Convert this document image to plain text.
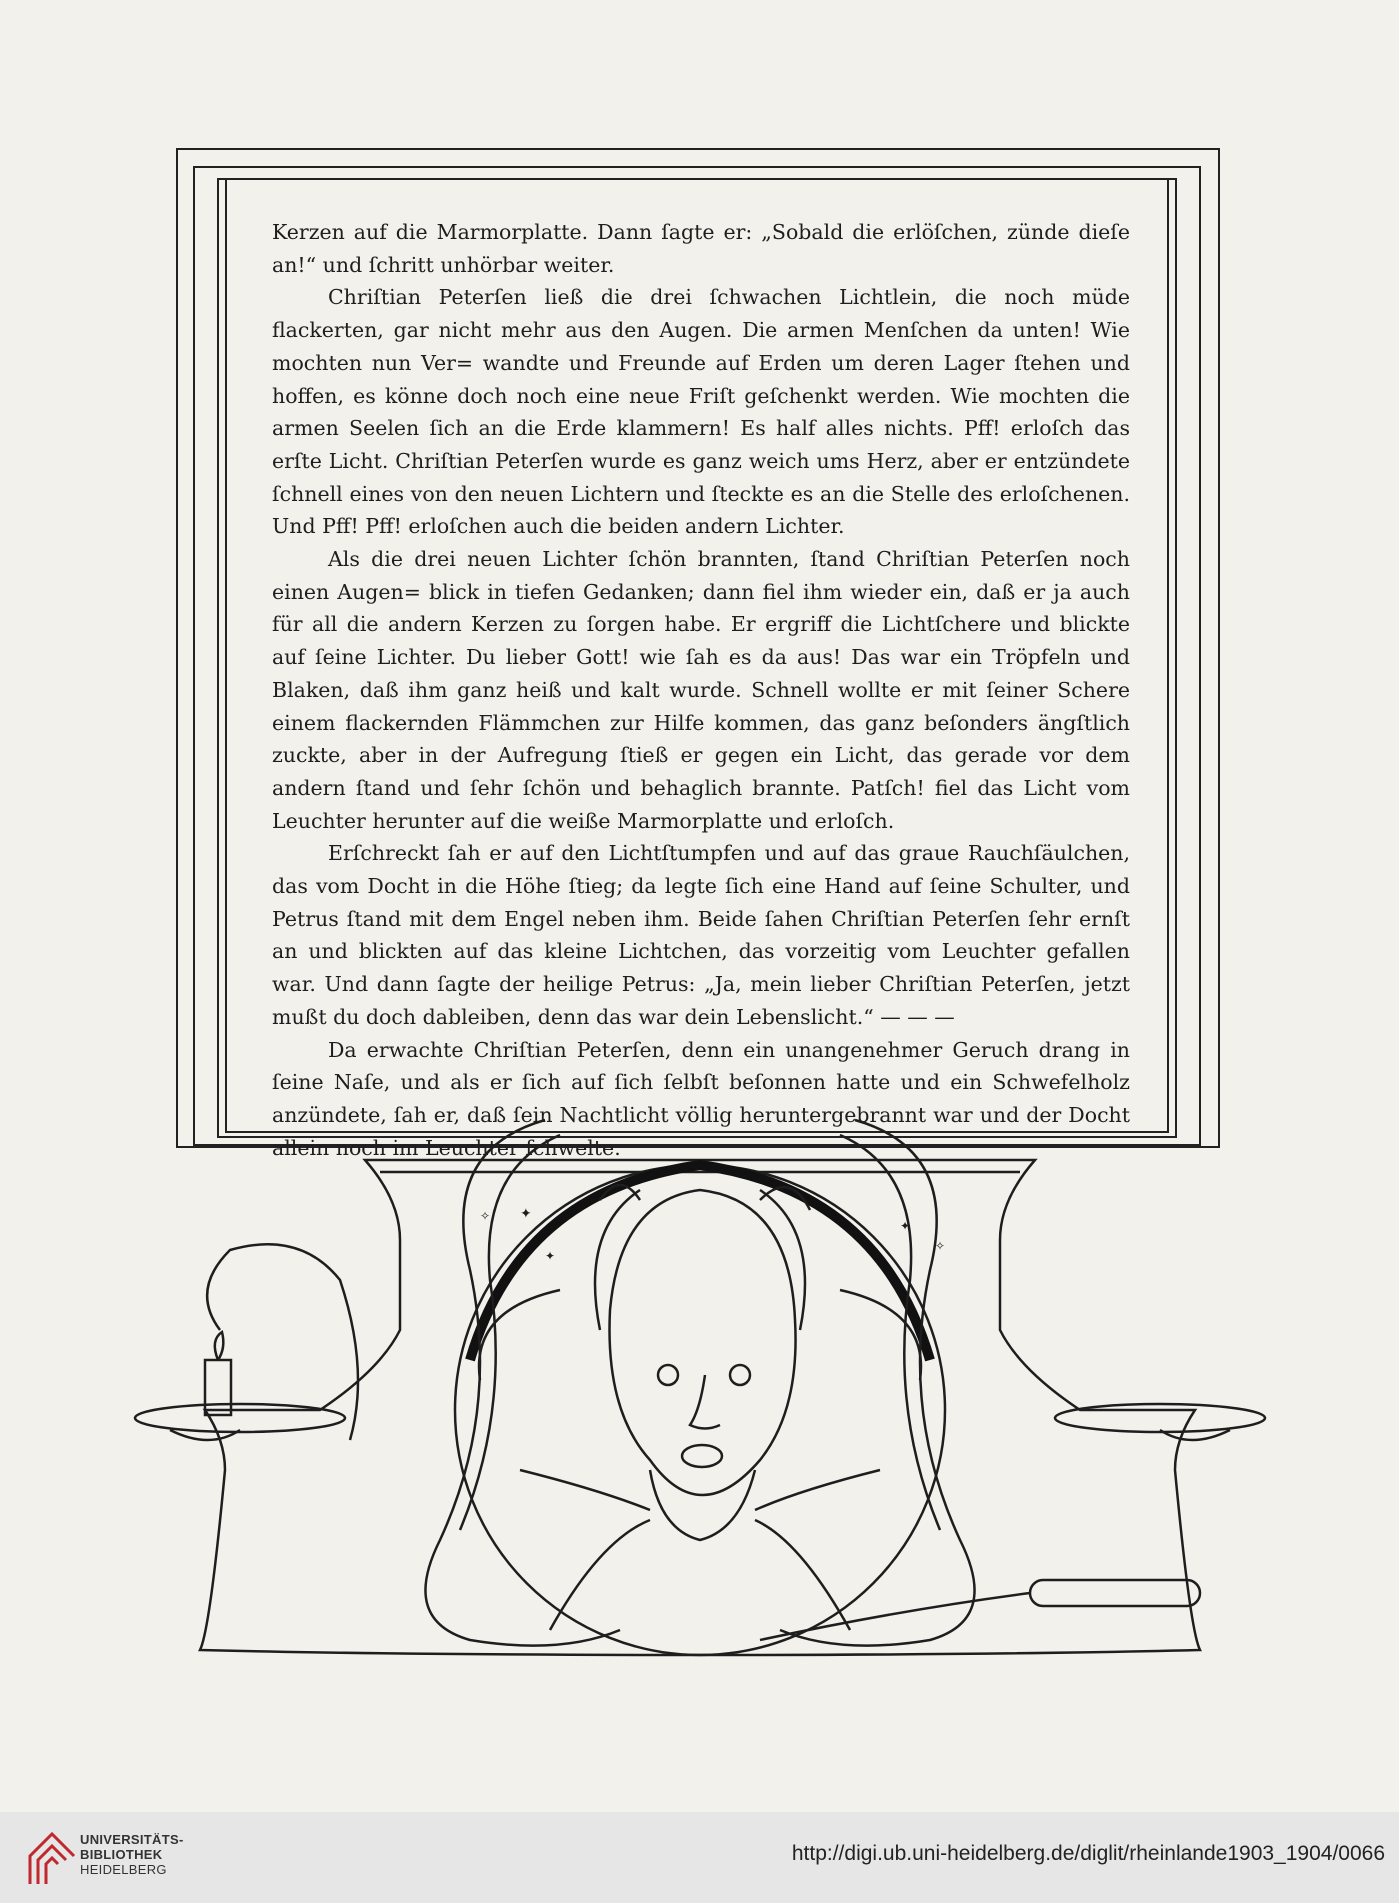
Kerzen auf die Marmorplatte. Dann ſagte er: „Sobald die erlöſchen, zünde dieſe an!“ und ſchritt unhörbar weiter.

Chriſtian Peterſen ließ die drei ſchwachen Lichtlein, die noch müde flackerten, gar nicht mehr aus den Augen. Die armen Menſchen da unten! Wie mochten nun Ver= wandte und Freunde auf Erden um deren Lager ſtehen und hoffen, es könne doch noch eine neue Friſt geſchenkt werden. Wie mochten die armen Seelen ſich an die Erde klammern! Es half alles nichts. Pff! erloſch das erſte Licht. Chriſtian Peterſen wurde es ganz weich ums Herz, aber er entzündete ſchnell eines von den neuen Lichtern und ſteckte es an die Stelle des erloſchenen. Und Pff! Pff! erloſchen auch die beiden andern Lichter.

Als die drei neuen Lichter ſchön brannten, ſtand Chriſtian Peterſen noch einen Augen= blick in tiefen Gedanken; dann fiel ihm wieder ein, daß er ja auch für all die andern Kerzen zu ſorgen habe. Er ergriff die Lichtſchere und blickte auf ſeine Lichter. Du lieber Gott! wie ſah es da aus! Das war ein Tröpfeln und Blaken, daß ihm ganz heiß und kalt wurde. Schnell wollte er mit ſeiner Schere einem flackernden Flämmchen zur Hilfe kommen, das ganz beſonders ängſtlich zuckte, aber in der Aufregung ſtieß er gegen ein Licht, das gerade vor dem andern ſtand und ſehr ſchön und behaglich brannte. Patſch! fiel das Licht vom Leuchter herunter auf die weiße Marmorplatte und erloſch.

Erſchreckt ſah er auf den Lichtſtumpfen und auf das graue Rauchſäulchen, das vom Docht in die Höhe ſtieg; da legte ſich eine Hand auf ſeine Schulter, und Petrus ſtand mit dem Engel neben ihm. Beide ſahen Chriſtian Peterſen ſehr ernſt an und blickten auf das kleine Lichtchen, das vorzeitig vom Leuchter gefallen war. Und dann ſagte der heilige Petrus: „Ja, mein lieber Chriſtian Peterſen, jetzt mußt du doch dableiben, denn das war dein Lebenslicht.“ — — —

Da erwachte Chriſtian Peterſen, denn ein unangenehmer Geruch drang in ſeine Naſe, und als er ſich auf ſich ſelbſt beſonnen hatte und ein Schwefelholz anzündete, ſah er, daß ſein Nachtlicht völlig heruntergebrannt war und der Docht allein noch im Leuchter ſchwelte.

✦
✦
✧
✦
✧
UNIVERSITÄTS-
BIBLIOTHEK
HEIDELBERG
http://digi.ub.uni-heidelberg.de/diglit/rheinlande1903_1904/0066
